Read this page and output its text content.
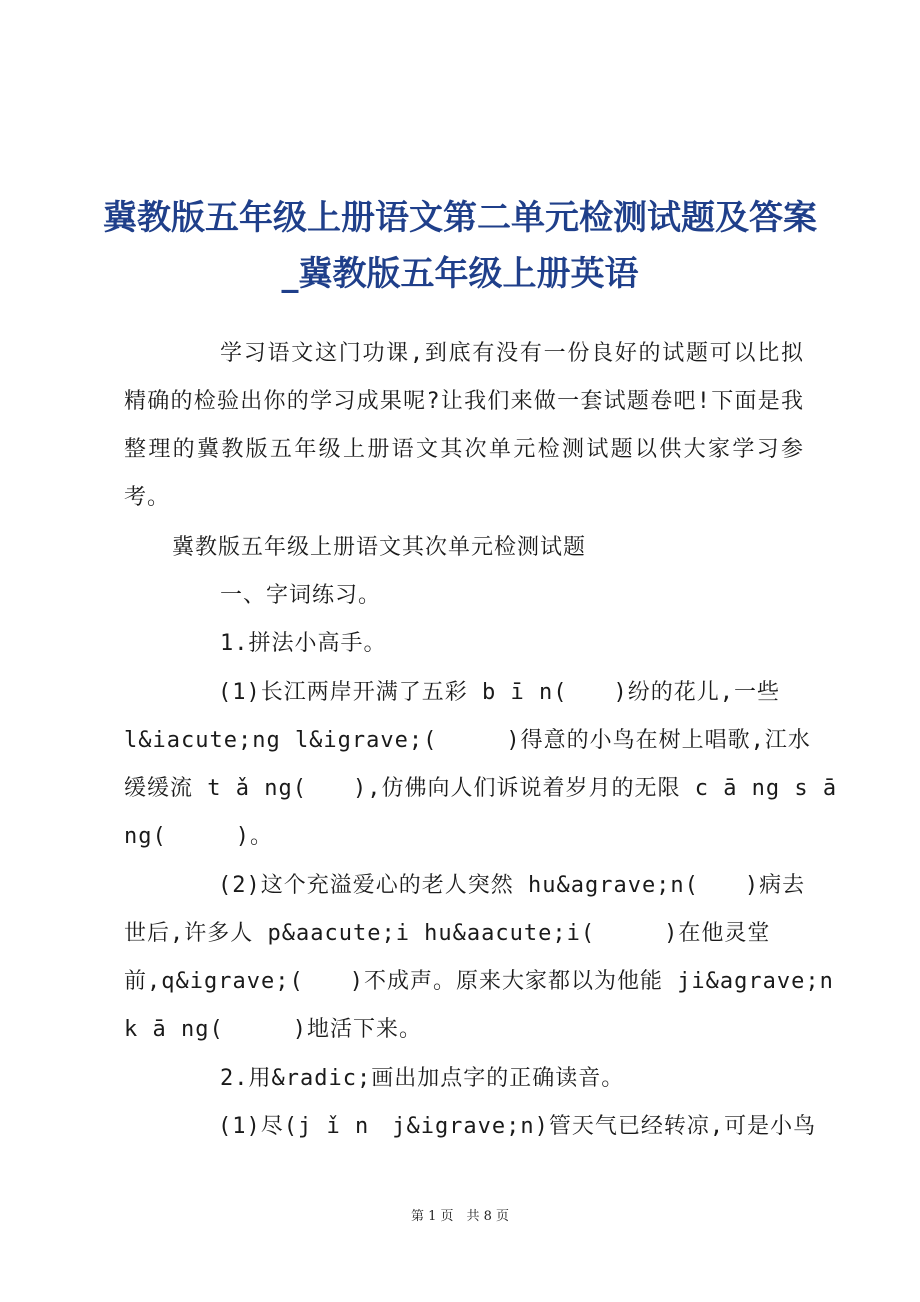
冀教版五年级上册语文第二单元检测试题及答案_冀教版五年级上册英语

学习语文这门功课,到底有没有一份良好的试题可以比拟精确的检验出你的学习成果呢?让我们来做一套试题卷吧!下面是我整理的冀教版五年级上册语文其次单元检测试题以供大家学习参考。

冀教版五年级上册语文其次单元检测试题

一、字词练习。

1.拼法小高手。

(1)长江两岸开满了五彩 b ī n(　　)纷的花儿,一些

l&iacute;ng l&igrave;(　　　)得意的小鸟在树上唱歌,江水

缓缓流 t ǎ ng(　　),仿佛向人们诉说着岁月的无限 c ā ng s ā

ng(　　　)。

(2)这个充溢爱心的老人突然 hu&agrave;n(　　)病去

世后,许多人 p&aacute;i hu&aacute;i(　　　)在他灵堂

前,q&igrave;(　　)不成声。原来大家都以为他能 ji&agrave;n

k ā ng(　　　)地活下来。

2.用&radic;画出加点字的正确读音。

(1)尽(j ǐ n　j&igrave;n)管天气已经转凉,可是小鸟

第 1 页　共 8 页
